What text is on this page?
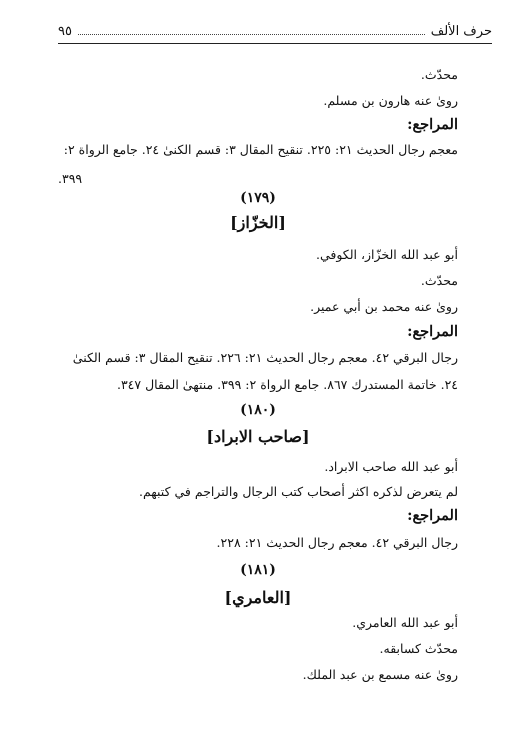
حرف الألف
٩٥
محدّث.
روىٰ عنه هارون بن مسلم.
المراجع:
معجم رجال الحديث ٢١: ٢٢٥. تنقيح المقال ٣: قسم الكنىٰ ٢٤. جامع الرواة ٢:
٣٩٩.
(١٧٩)
[الخزّاز]
أبو عبد الله الخزّاز، الكوفي.
محدّث.
روىٰ عنه محمد بن أبي عمير.
المراجع:
رجال البرقي ٤٢. معجم رجال الحديث ٢١: ٢٢٦. تنقيح المقال ٣: قسم الكنىٰ
٢٤. خاتمة المستدرك ٨٦٧. جامع الرواة ٢: ٣٩٩. منتهىٰ المقال ٣٤٧.
(١٨٠)
[صاحب الابراد]
أبو عبد الله صاحب الابراد.
لم يتعرض لذكره اكثر أصحاب كتب الرجال والتراجم في كتبهم.
المراجع:
رجال البرقي ٤٢. معجم رجال الحديث ٢١: ٢٢٨.
(١٨١)
[العامري]
أبو عبد الله العامري.
محدّث كسابقه.
روىٰ عنه مسمع بن عبد الملك.
